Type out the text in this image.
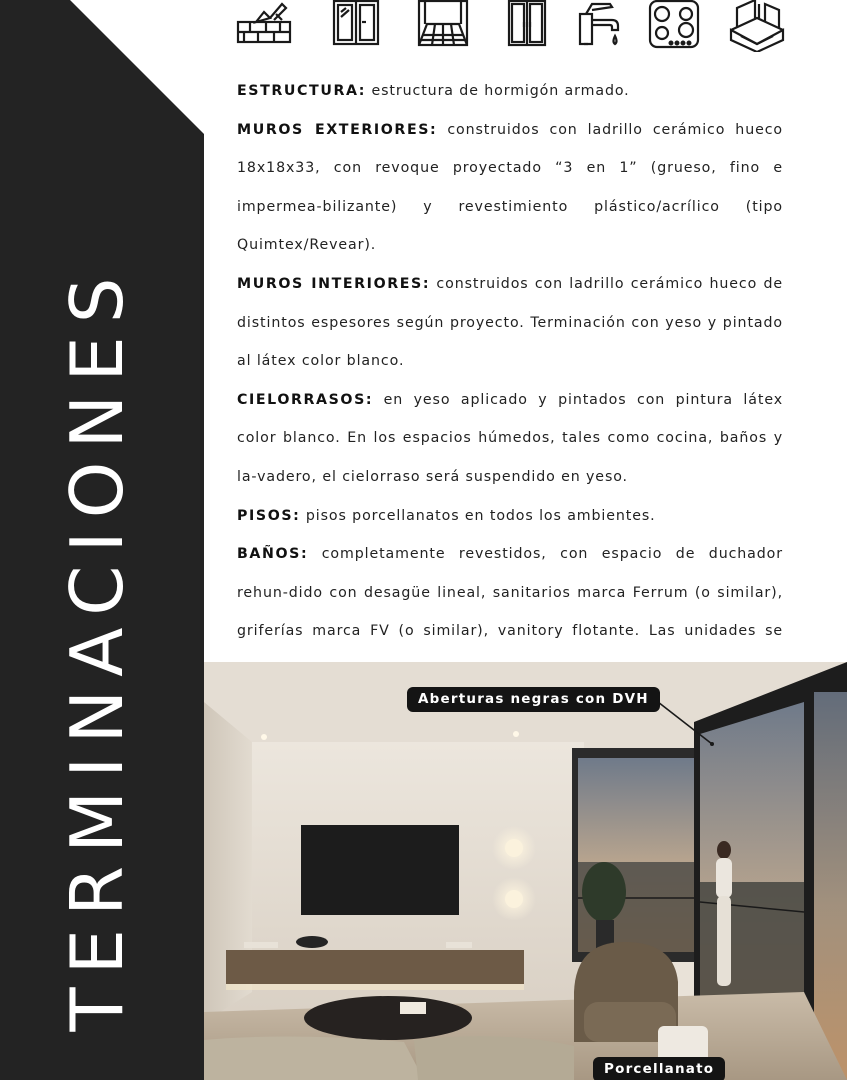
TERMINACIONES

ESTRUCTURA: estructura de hormigón armado.

MUROS EXTERIORES: construidos con ladrillo cerámico hueco 18x18x33, con revoque proyectado “3 en 1” (grueso, fino e impermea-bilizante) y revestimiento plástico/acrílico (tipo Quimtex/Revear).

MUROS INTERIORES: construidos con ladrillo cerámico hueco de distintos espesores según proyecto. Terminación con yeso y pintado al látex color blanco.

CIELORRASOS: en yeso aplicado y pintados con pintura látex color blanco. En los espacios húmedos, tales como cocina, baños y la-vadero, el cielorraso será suspendido en yeso.

PISOS: pisos porcellanatos en todos los ambientes.

BAÑOS: completamente revestidos, con espacio de duchador rehun-dido con desagüe lineal, sanitarios marca Ferrum (o similar), griferías marca FV (o similar), vanitory flotante. Las unidades se

Aberturas negras con DVH
Porcellanato
